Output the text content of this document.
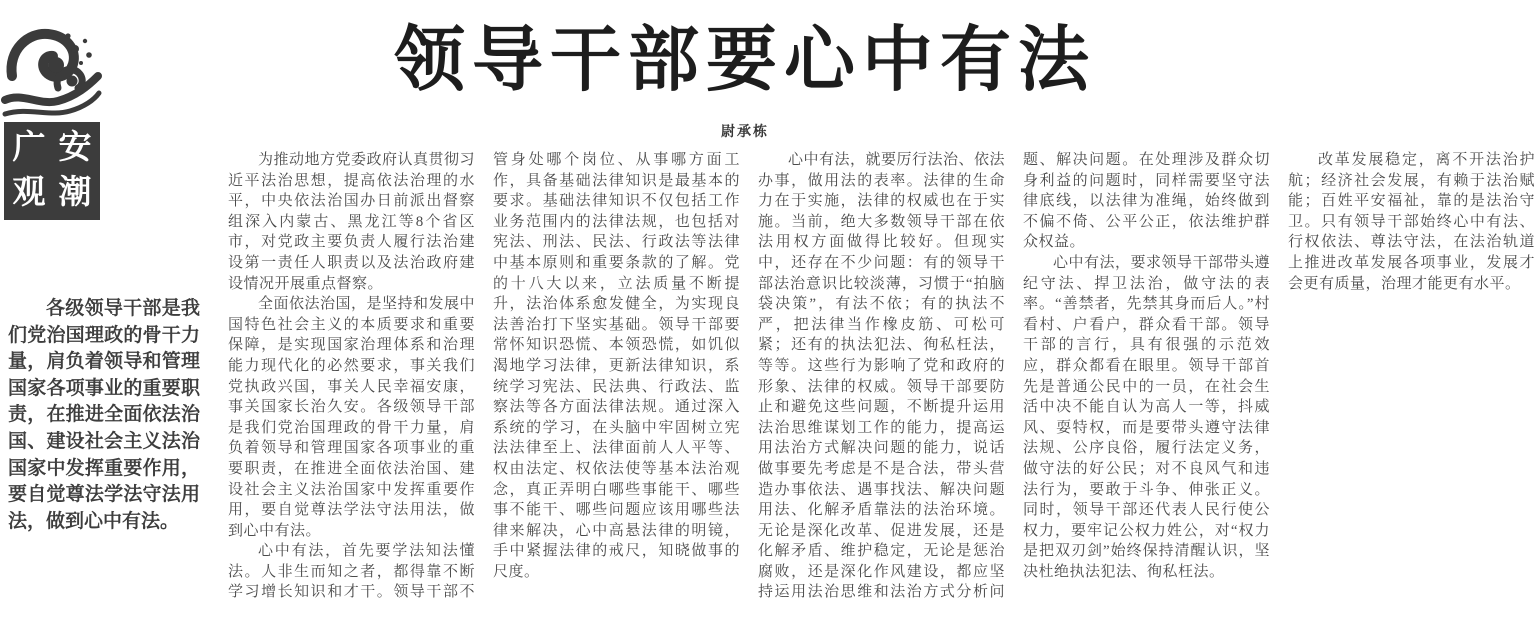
广 安
观 潮

各级领导干部是我们党治国理政的骨干力量，肩负着领导和管理国家各项事业的重要职责，在推进全面依法治国、建设社会主义法治国家中发挥重要作用，要自觉尊法学法守法用法，做到心中有法。

领导干部要心中有法
尉承栋

为推动地方党委政府认真贯彻习近平法治思想，提高依法治理的水平，中央依法治国办日前派出督察组深入内蒙古、黑龙江等8个省区市，对党政主要负责人履行法治建设第一责任人职责以及法治政府建设情况开展重点督察。

全面依法治国，是坚持和发展中国特色社会主义的本质要求和重要保障，是实现国家治理体系和治理能力现代化的必然要求，事关我们党执政兴国，事关人民幸福安康，事关国家长治久安。各级领导干部是我们党治国理政的骨干力量，肩负着领导和管理国家各项事业的重要职责，在推进全面依法治国、建设社会主义法治国家中发挥重要作用，要自觉尊法学法守法用法，做到心中有法。

心中有法，首先要学法知法懂法。人非生而知之者，都得靠不断学习增长知识和才干。领导干部不管身处哪个岗位、从事哪方面工作，具备基础法律知识是最基本的要求。基础法律知识不仅包括工作业务范围内的法律法规，也包括对宪法、刑法、民法、行政法等法律中基本原则和重要条款的了解。党的十八大以来，立法质量不断提升，法治体系愈发健全，为实现良法善治打下坚实基础。领导干部要常怀知识恐慌、本领恐慌，如饥似渴地学习法律，更新法律知识，系统学习宪法、民法典、行政法、监察法等各方面法律法规。通过深入系统的学习，在头脑中牢固树立宪法法律至上、法律面前人人平等、权由法定、权依法使等基本法治观念，真正弄明白哪些事能干、哪些事不能干、哪些问题应该用哪些法律来解决，心中高悬法律的明镜，手中紧握法律的戒尺，知晓做事的尺度。

心中有法，就要厉行法治、依法办事，做用法的表率。法律的生命力在于实施，法律的权威也在于实施。当前，绝大多数领导干部在依法用权方面做得比较好。但现实中，还存在不少问题：有的领导干部法治意识比较淡薄，习惯于“拍脑袋决策”，有法不依；有的执法不严，把法律当作橡皮筋、可松可紧；还有的执法犯法、徇私枉法，等等。这些行为影响了党和政府的形象、法律的权威。领导干部要防止和避免这些问题，不断提升运用法治思维谋划工作的能力，提高运用法治方式解决问题的能力，说话做事要先考虑是不是合法，带头营造办事依法、遇事找法、解决问题用法、化解矛盾靠法的法治环境。无论是深化改革、促进发展，还是化解矛盾、维护稳定，无论是惩治腐败，还是深化作风建设，都应坚持运用法治思维和法治方式分析问题、解决问题。在处理涉及群众切身利益的问题时，同样需要坚守法律底线，以法律为准绳，始终做到不偏不倚、公平公正，依法维护群众权益。

心中有法，要求领导干部带头遵纪守法、捍卫法治，做守法的表率。“善禁者，先禁其身而后人。”村看村、户看户，群众看干部。领导干部的言行，具有很强的示范效应，群众都看在眼里。领导干部首先是普通公民中的一员，在社会生活中决不能自认为高人一等，抖威风、耍特权，而是要带头遵守法律法规、公序良俗，履行法定义务，做守法的好公民；对不良风气和违法行为，要敢于斗争、伸张正义。同时，领导干部还代表人民行使公权力，要牢记公权力姓公，对“权力是把双刃剑”始终保持清醒认识，坚决杜绝执法犯法、徇私枉法。

改革发展稳定，离不开法治护航；经济社会发展，有赖于法治赋能；百姓平安福祉，靠的是法治守卫。只有领导干部始终心中有法、行权依法、尊法守法，在法治轨道上推进改革发展各项事业，发展才会更有质量，治理才能更有水平。
